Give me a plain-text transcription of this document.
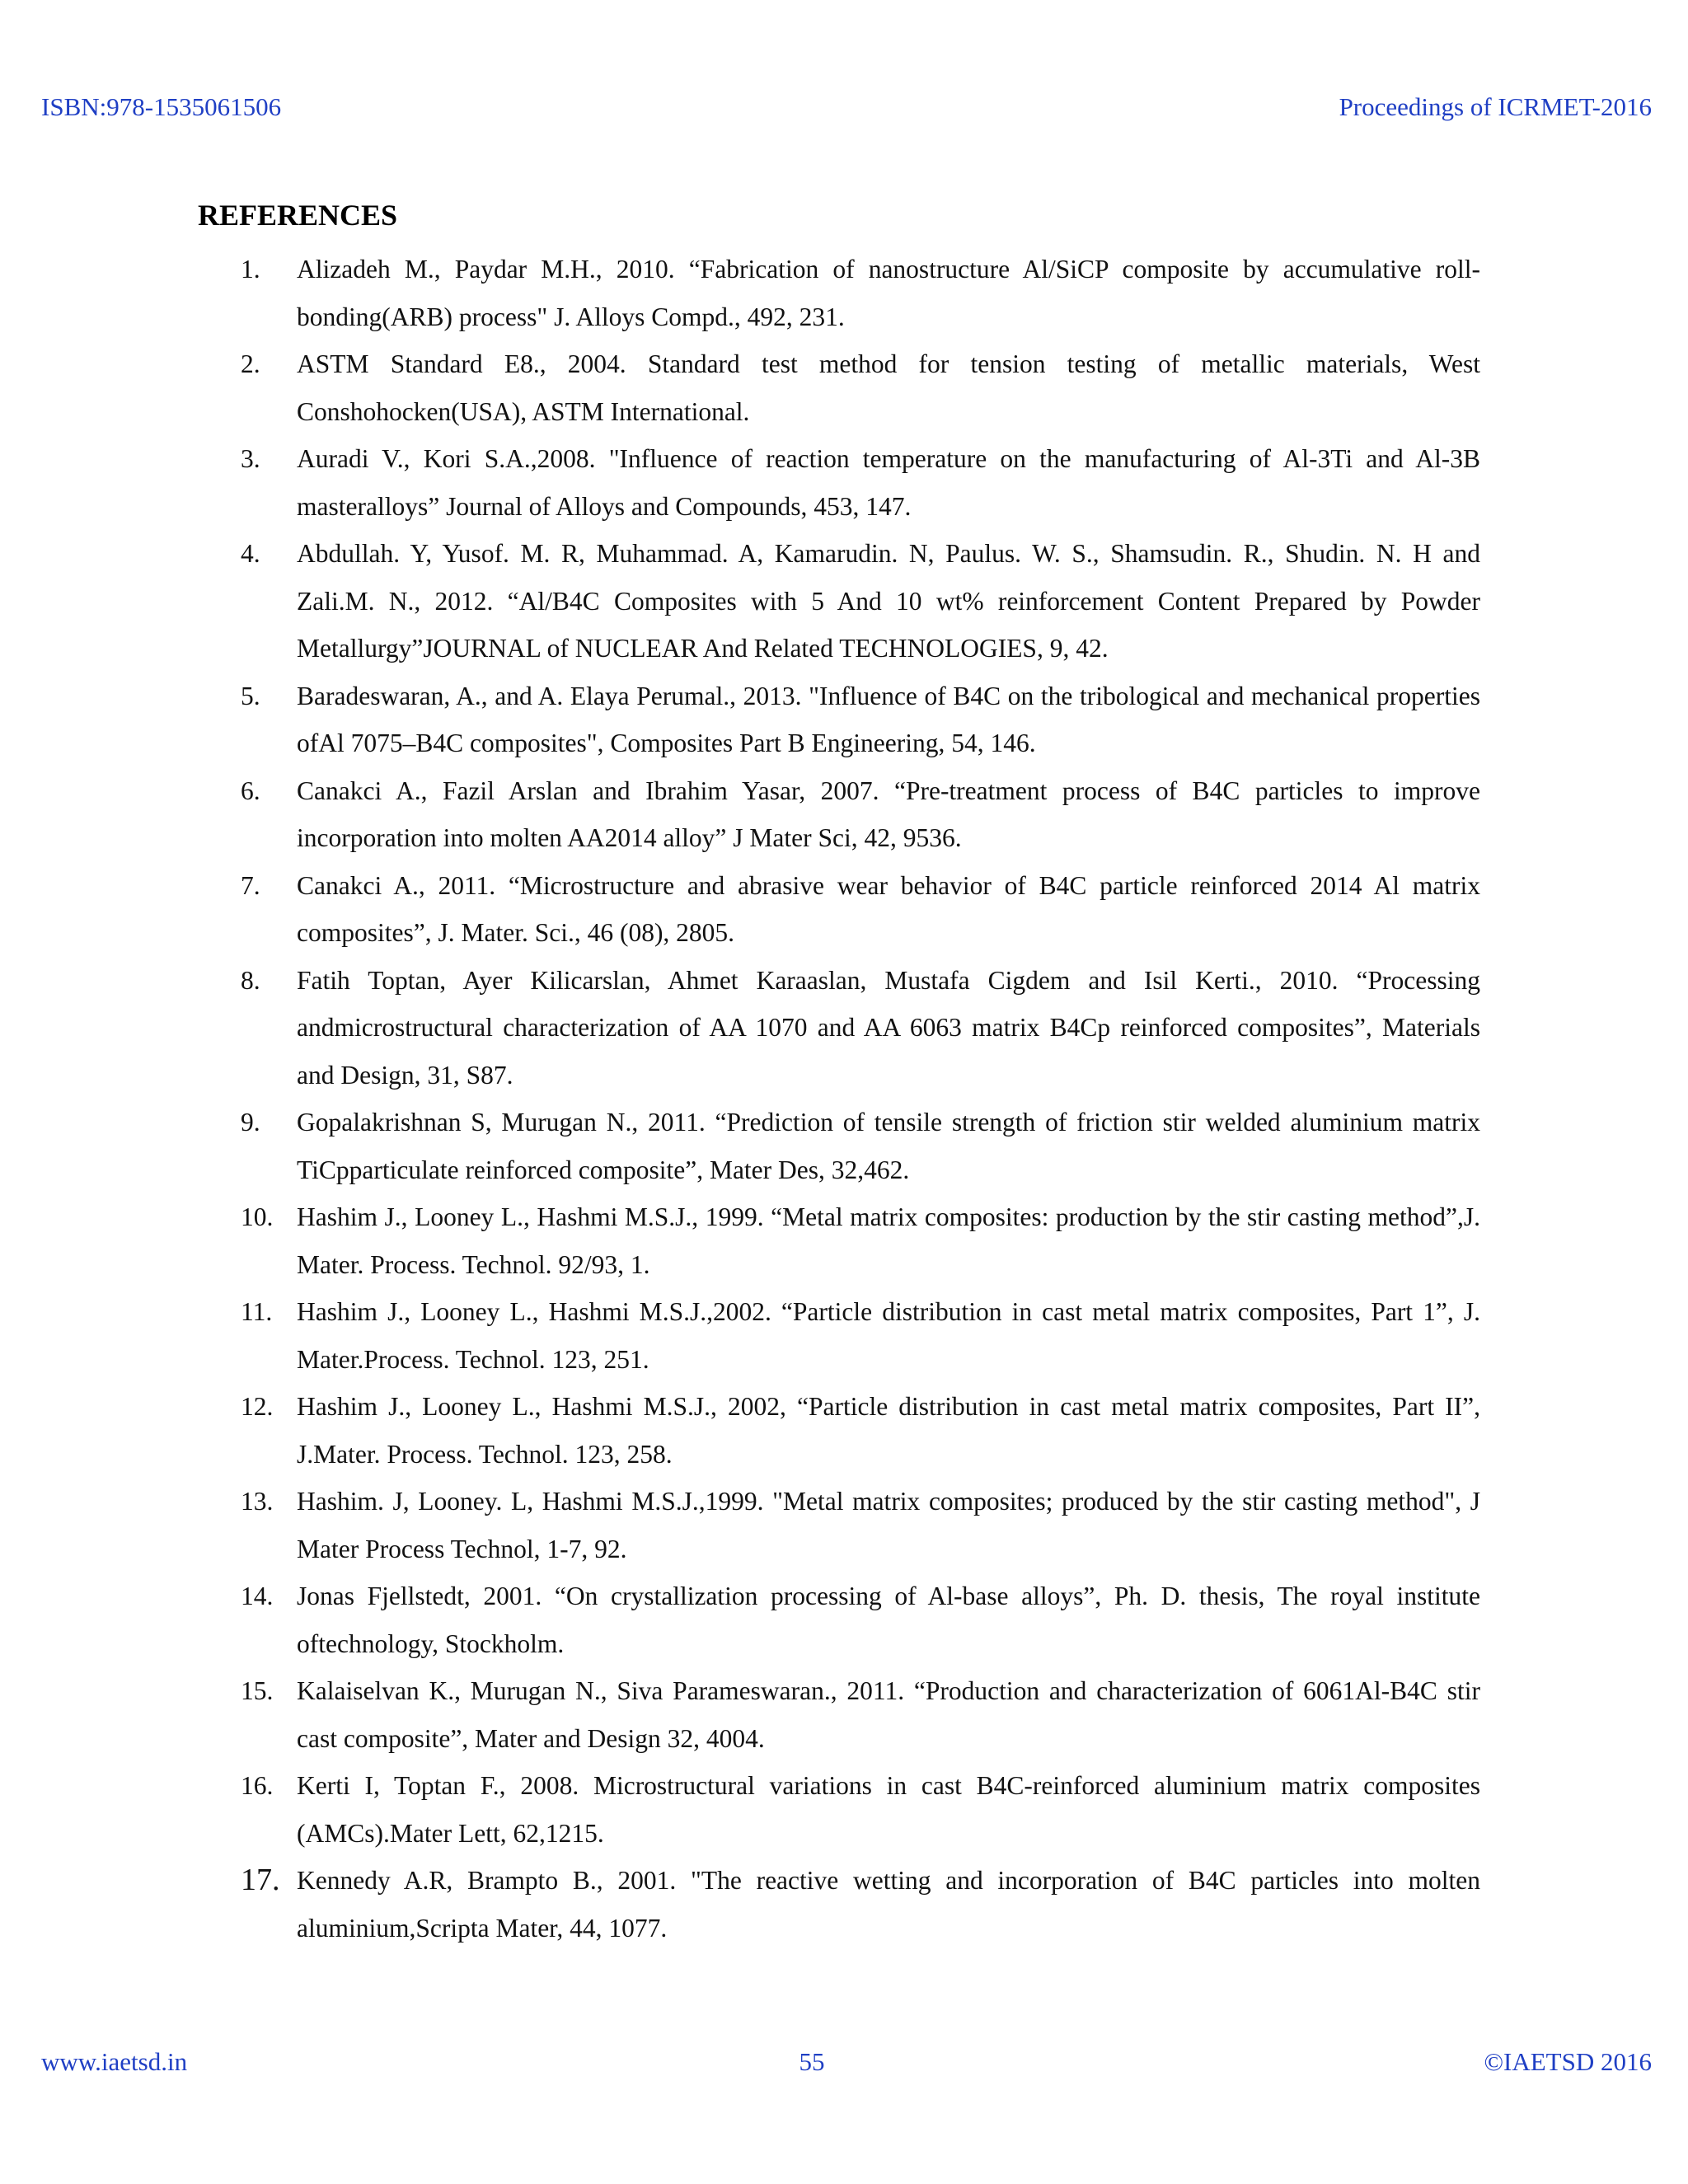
ISBN:978-1535061506	Proceedings of ICRMET-2016
REFERENCES
1.	Alizadeh M., Paydar M.H., 2010. “Fabrication of nanostructure Al/SiCP composite by accumulative roll-bonding(ARB) process" J. Alloys Compd., 492, 231.
2.	ASTM Standard E8., 2004. Standard test method for tension testing of metallic materials, West Conshohocken(USA), ASTM International.
3.	Auradi V., Kori S.A.,2008. "Influence of reaction temperature on the manufacturing of Al-3Ti and Al-3B masteralloys” Journal of Alloys and Compounds, 453, 147.
4.	Abdullah. Y, Yusof. M. R, Muhammad. A, Kamarudin. N, Paulus. W. S., Shamsudin. R., Shudin. N. H and Zali.M. N., 2012. “Al/B4C Composites with 5 And 10 wt% reinforcement Content Prepared by Powder Metallurgy”JOURNAL of NUCLEAR And Related TECHNOLOGIES, 9, 42.
5.	Baradeswaran, A., and A. Elaya Perumal., 2013. "Influence of B4C on the tribological and mechanical properties ofAl 7075–B4C composites", Composites Part B Engineering, 54, 146.
6.	Canakci A., Fazil Arslan and Ibrahim Yasar, 2007. “Pre-treatment process of B4C particles to improve incorporation into molten AA2014 alloy” J Mater Sci, 42, 9536.
7.	Canakci A., 2011. “Microstructure and abrasive wear behavior of B4C particle reinforced 2014 Al matrix composites”, J. Mater. Sci., 46 (08), 2805.
8.	Fatih Toptan, Ayer Kilicarslan, Ahmet Karaaslan, Mustafa Cigdem and Isil Kerti., 2010. “Processing andmicrostructural characterization of AA 1070 and AA 6063 matrix B4Cp reinforced composites”, Materials and Design, 31, S87.
9.	Gopalakrishnan S, Murugan N., 2011. “Prediction of tensile strength of friction stir welded aluminium matrix TiCpparticulate reinforced composite”, Mater Des, 32,462.
10. Hashim J., Looney L., Hashmi M.S.J., 1999. “Metal matrix composites: production by the stir casting method”,J. Mater. Process. Technol. 92/93, 1.
11. Hashim J., Looney L., Hashmi M.S.J.,2002. “Particle distribution in cast metal matrix composites, Part 1”, J. Mater.Process. Technol. 123, 251.
12. Hashim J., Looney L., Hashmi M.S.J., 2002, “Particle distribution in cast metal matrix composites, Part II”, J.Mater. Process. Technol. 123, 258.
13. Hashim. J, Looney. L, Hashmi M.S.J.,1999. "Metal matrix composites; produced by the stir casting method", J Mater Process Technol, 1-7, 92.
14. Jonas Fjellstedt, 2001. “On crystallization processing of Al-base alloys”, Ph. D. thesis, The royal institute oftechnology, Stockholm.
15. Kalaiselvan K., Murugan N., Siva Parameswaran., 2011. “Production and characterization of 6061Al-B4C stir cast composite”, Mater and Design 32, 4004.
16. Kerti I, Toptan F., 2008. Microstructural variations in cast B4C-reinforced aluminium matrix composites (AMCs).Mater Lett, 62,1215.
17. Kennedy A.R, Brampto B., 2001. "The reactive wetting and incorporation of B4C particles into molten aluminium,Scripta Mater, 44, 1077.
www.iaetsd.in	55	©IAETSD 2016
